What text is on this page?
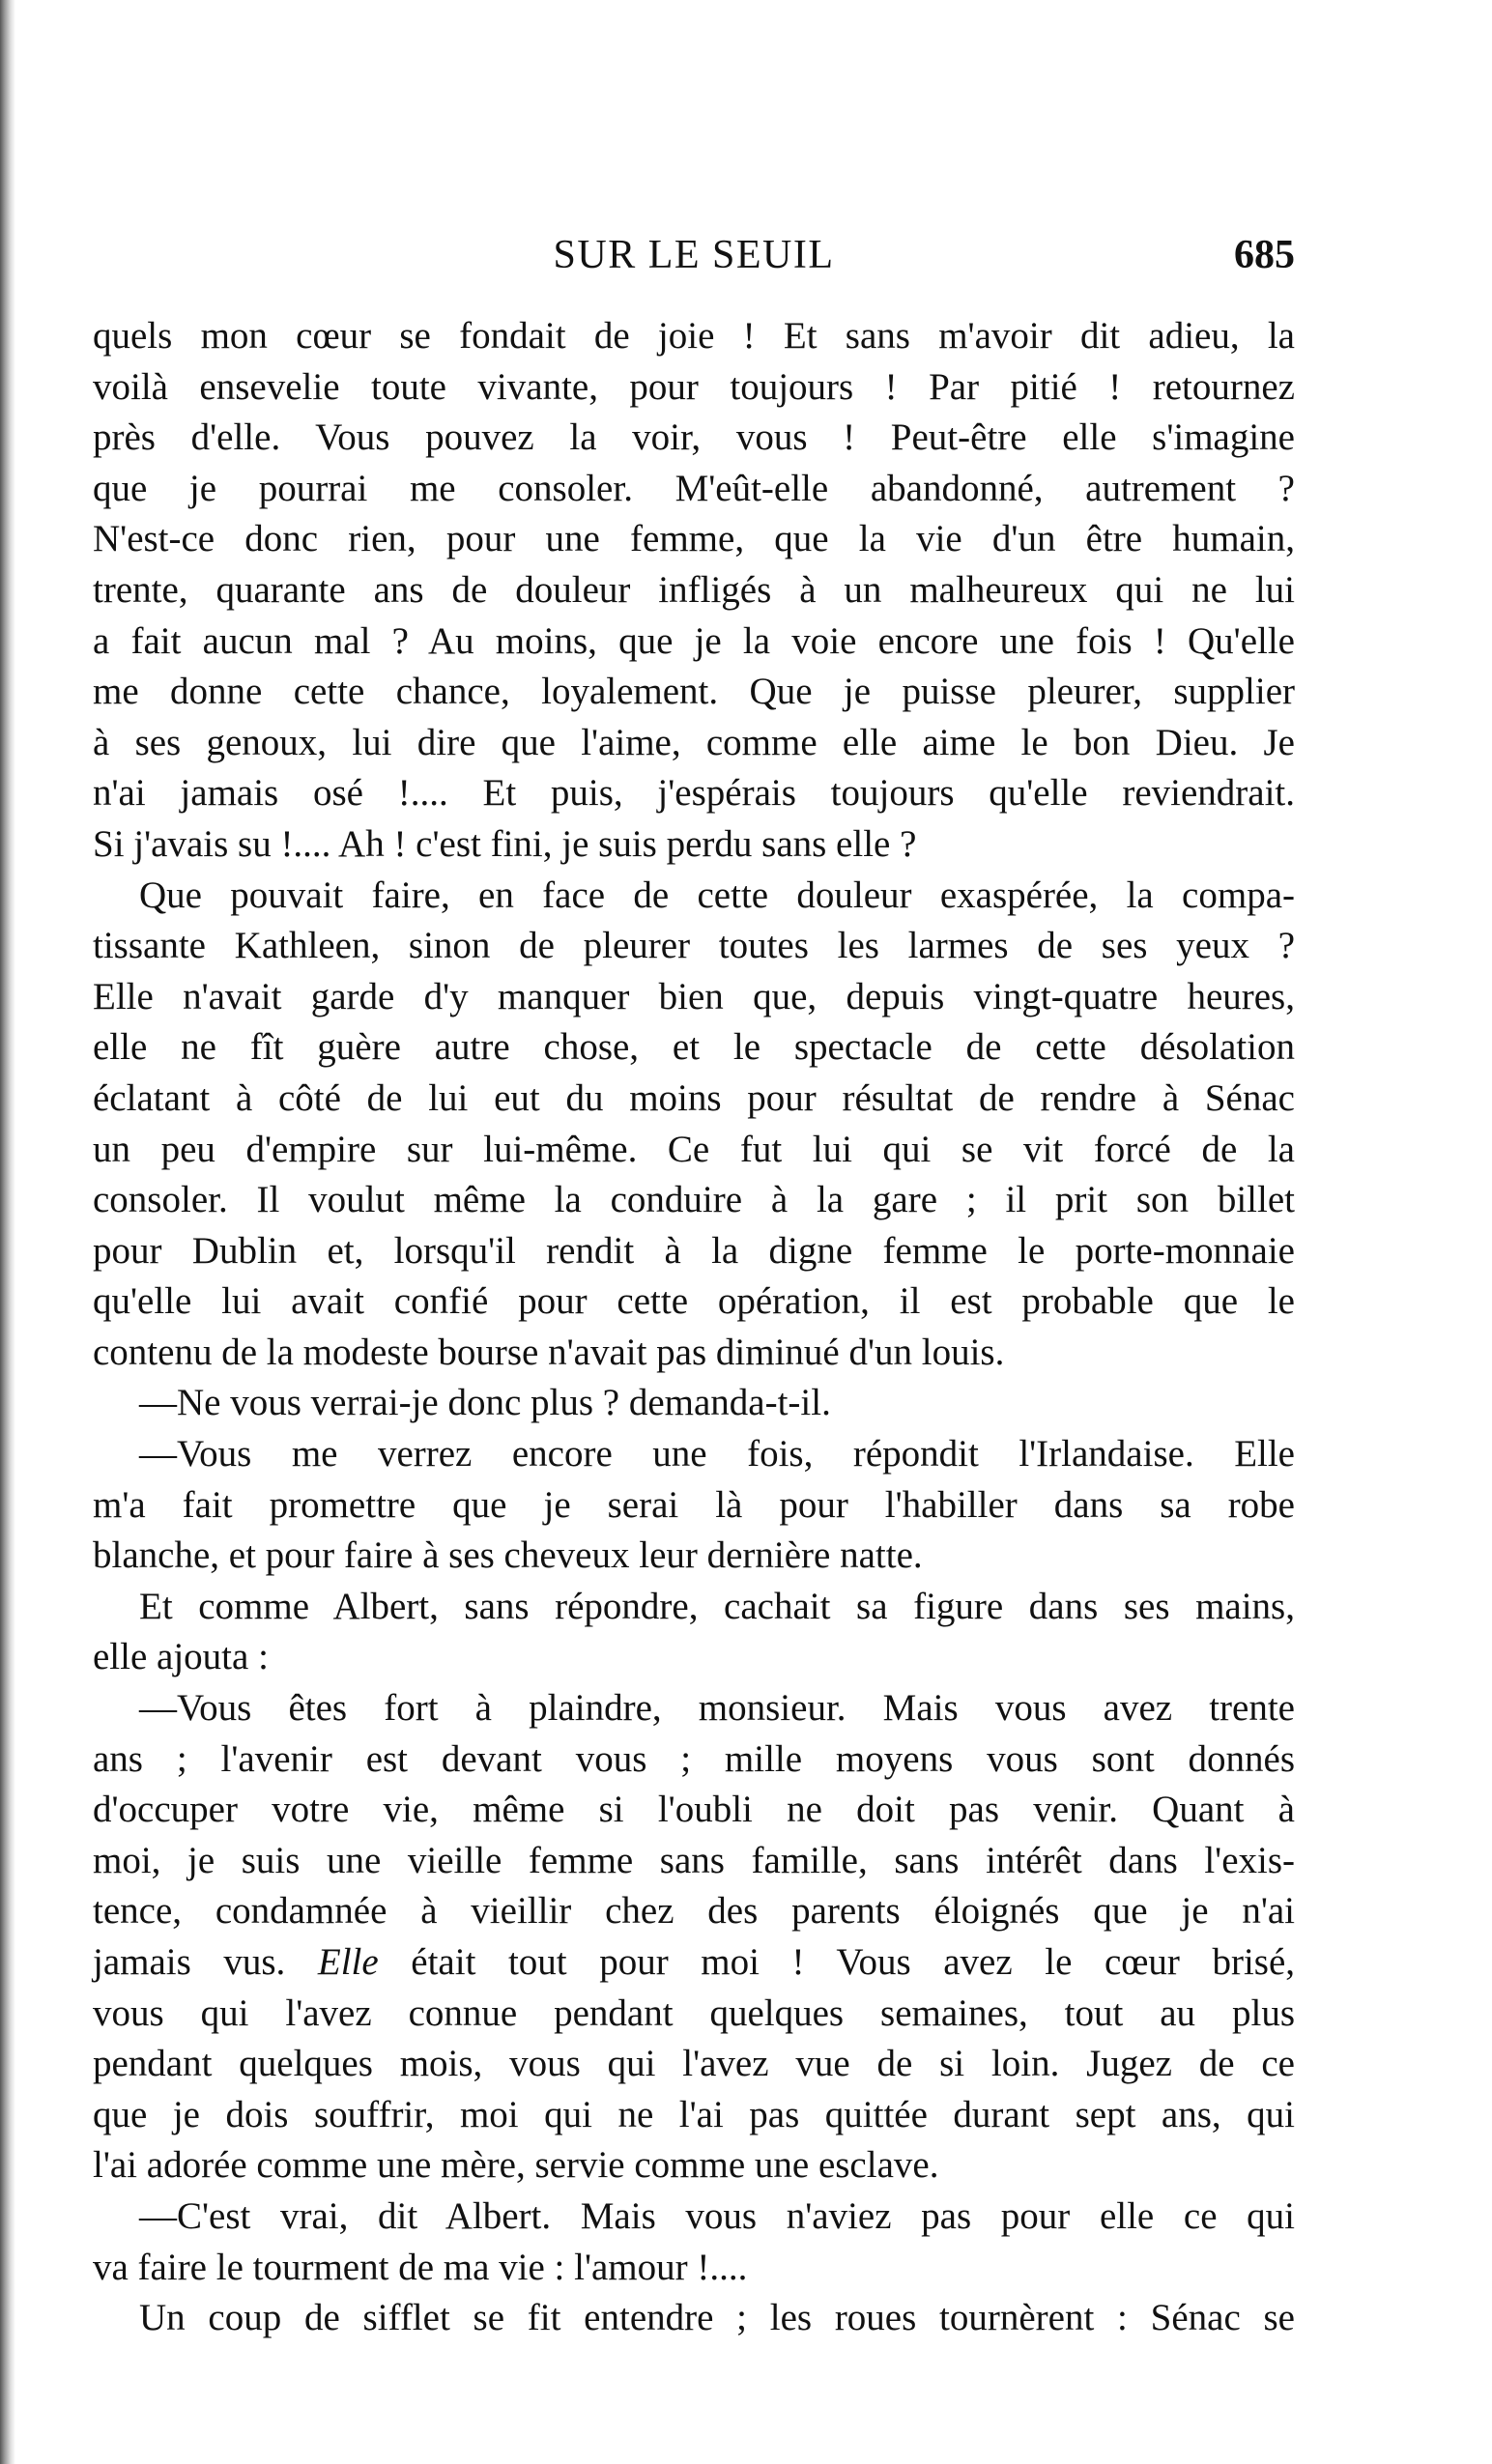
SUR LE SEUIL	685
quels mon cœur se fondait de joie ! Et sans m'avoir dit adieu, la
voilà ensevelie toute vivante, pour toujours ! Par pitié ! retournez
près d'elle. Vous pouvez la voir, vous ! Peut-être elle s'imagine
que je pourrai me consoler. M'eût-elle abandonné, autrement ?
N'est-ce donc rien, pour une femme, que la vie d'un être humain,
trente, quarante ans de douleur infligés à un malheureux qui ne lui
a fait aucun mal ? Au moins, que je la voie encore une fois ! Qu'elle
me donne cette chance, loyalement. Que je puisse pleurer, supplier
à ses genoux, lui dire que l'aime, comme elle aime le bon Dieu. Je
n'ai jamais osé !.... Et puis, j'espérais toujours qu'elle reviendrait.
Si j'avais su !.... Ah ! c'est fini, je suis perdu sans elle ?
Que pouvait faire, en face de cette douleur exaspérée, la compa-
tissante Kathleen, sinon de pleurer toutes les larmes de ses yeux ?
Elle n'avait garde d'y manquer bien que, depuis vingt-quatre heures,
elle ne fît guère autre chose, et le spectacle de cette désolation
éclatant à côté de lui eut du moins pour résultat de rendre à Sénac
un peu d'empire sur lui-même. Ce fut lui qui se vit forcé de la
consoler. Il voulut même la conduire à la gare ; il prit son billet
pour Dublin et, lorsqu'il rendit à la digne femme le porte-monnaie
qu'elle lui avait confié pour cette opération, il est probable que le
contenu de la modeste bourse n'avait pas diminué d'un louis.
—Ne vous verrai-je donc plus ? demanda-t-il.
—Vous me verrez encore une fois, répondit l'Irlandaise. Elle
m'a fait promettre que je serai là pour l'habiller dans sa robe
blanche, et pour faire à ses cheveux leur dernière natte.
Et comme Albert, sans répondre, cachait sa figure dans ses mains,
elle ajouta :
—Vous êtes fort à plaindre, monsieur. Mais vous avez trente
ans ; l'avenir est devant vous ; mille moyens vous sont donnés
d'occuper votre vie, même si l'oubli ne doit pas venir. Quant à
moi, je suis une vieille femme sans famille, sans intérêt dans l'exis-
tence, condamnée à vieillir chez des parents éloignés que je n'ai
jamais vus. Elle était tout pour moi ! Vous avez le cœur brisé,
vous qui l'avez connue pendant quelques semaines, tout au plus
pendant quelques mois, vous qui l'avez vue de si loin. Jugez de ce
que je dois souffrir, moi qui ne l'ai pas quittée durant sept ans, qui
l'ai adorée comme une mère, servie comme une esclave.
—C'est vrai, dit Albert. Mais vous n'aviez pas pour elle ce qui
va faire le tourment de ma vie : l'amour !....
Un coup de sifflet se fit entendre ; les roues tournèrent : Sénac se
